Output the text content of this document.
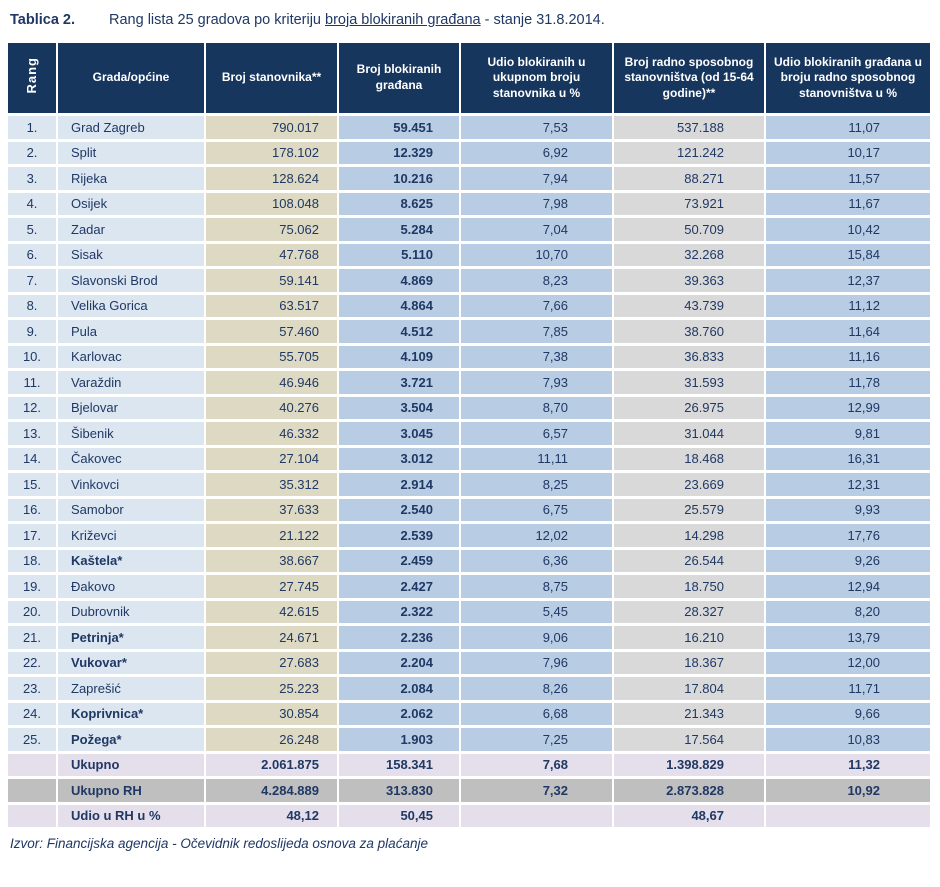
Tablica 2. Rang lista 25 gradova po kriteriju broja blokiranih građana - stanje 31.8.2014.
Rang	Grada/općine	Broj stanovnika**	Broj blokiranih građana	Udio blokiranih u ukupnom broju stanovnika u %	Broj radno sposobnog stanovništva (od 15-64 godine)**	Udio blokiranih građana u broju radno sposobnog stanovništva u %
1.	Grad Zagreb	790.017	59.451	7,53	537.188	11,07
2.	Split	178.102	12.329	6,92	121.242	10,17
3.	Rijeka	128.624	10.216	7,94	88.271	11,57
4.	Osijek	108.048	8.625	7,98	73.921	11,67
5.	Zadar	75.062	5.284	7,04	50.709	10,42
6.	Sisak	47.768	5.110	10,70	32.268	15,84
7.	Slavonski Brod	59.141	4.869	8,23	39.363	12,37
8.	Velika Gorica	63.517	4.864	7,66	43.739	11,12
9.	Pula	57.460	4.512	7,85	38.760	11,64
10.	Karlovac	55.705	4.109	7,38	36.833	11,16
11.	Varaždin	46.946	3.721	7,93	31.593	11,78
12.	Bjelovar	40.276	3.504	8,70	26.975	12,99
13.	Šibenik	46.332	3.045	6,57	31.044	9,81
14.	Čakovec	27.104	3.012	11,11	18.468	16,31
15.	Vinkovci	35.312	2.914	8,25	23.669	12,31
16.	Samobor	37.633	2.540	6,75	25.579	9,93
17.	Križevci	21.122	2.539	12,02	14.298	17,76
18.	Kaštela*	38.667	2.459	6,36	26.544	9,26
19.	Đakovo	27.745	2.427	8,75	18.750	12,94
20.	Dubrovnik	42.615	2.322	5,45	28.327	8,20
21.	Petrinja*	24.671	2.236	9,06	16.210	13,79
22.	Vukovar*	27.683	2.204	7,96	18.367	12,00
23.	Zaprešić	25.223	2.084	8,26	17.804	11,71
24.	Koprivnica*	30.854	2.062	6,68	21.343	9,66
25.	Požega*	26.248	1.903	7,25	17.564	10,83
	Ukupno	2.061.875	158.341	7,68	1.398.829	11,32
	Ukupno RH	4.284.889	313.830	7,32	2.873.828	10,92
	Udio u RH u %	48,12	50,45		48,67	
Izvor: Financijska agencija - Očevidnik redoslijeda osnova za plaćanje
